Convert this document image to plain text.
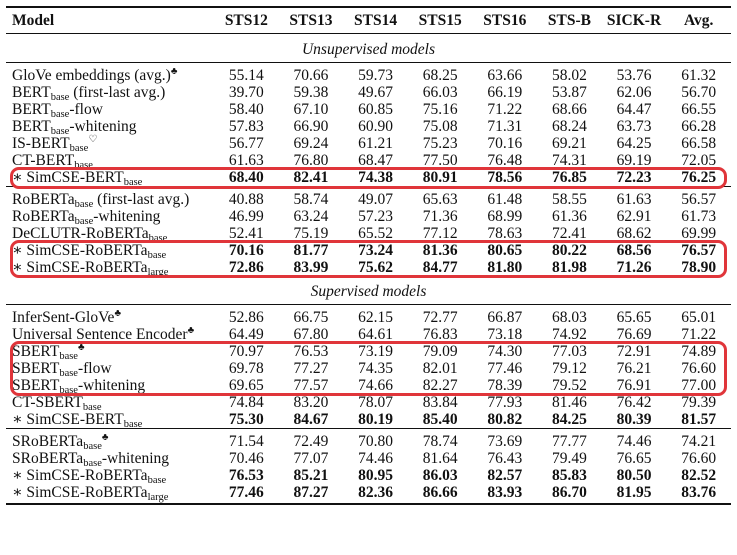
Model	STS12	STS13	STS14	STS15	STS16	STS-B	SICK-R	Avg.
Unsupervised models								
GloVe embeddings (avg.)♣	55.14	70.66	59.73	68.25	63.66	58.02	53.76	61.32
$BERT_{base}$ (first-last avg.)	39.70	59.38	49.67	66.03	66.19	53.87	62.06	56.70
$BERT_{base}$-flow	58.40	67.10	60.85	75.16	71.22	68.66	64.47	66.55
$BERT_{base}$-whitening	57.83	66.90	60.90	75.08	71.31	68.24	63.73	66.28
$IS-BERT_{base}^♡$	56.77	69.24	61.21	75.23	70.16	69.21	64.25	66.58
$CT-BERT_{base}$	61.63	76.80	68.47	77.50	76.48	74.31	69.19	72.05
∗ SimCSE-$BERT_{base}$	68.40	82.41	74.38	80.91	78.56	76.85	72.23	76.25
RoBERTa$_{base}$ (first-last avg.)	40.88	58.74	49.07	65.63	61.48	58.55	61.63	56.57
RoBERTa$_{base}$-whitening	46.99	63.24	57.23	71.36	68.99	61.36	62.91	61.73
DeCLUTR-RoBERTa$_{base}$	52.41	75.19	65.52	77.12	78.63	72.41	68.62	69.99
∗ SimCSE-RoBERTa$_{base}$	70.16	81.77	73.24	81.36	80.65	80.22	68.56	76.57
∗ SimCSE-RoBERTa$_{large}$	72.86	83.99	75.62	84.77	81.80	81.98	71.26	78.90
Supervised models								
InferSent-GloVe♣	52.86	66.75	62.15	72.77	66.87	68.03	65.65	65.01
Universal Sentence Encoder♣	64.49	67.80	64.61	76.83	73.18	74.92	76.69	71.22
$SBERT_{base}^♣$	70.97	76.53	73.19	79.09	74.30	77.03	72.91	74.89
$SBERT_{base}$-flow	69.78	77.27	74.35	82.01	77.46	79.12	76.21	76.60
$SBERT_{base}$-whitening	69.65	77.57	74.66	82.27	78.39	79.52	76.91	77.00
$CT-SBERT_{base}$	74.84	83.20	78.07	83.84	77.93	81.46	76.42	79.39
∗ SimCSE-$BERT_{base}$	75.30	84.67	80.19	85.40	80.82	84.25	80.39	81.57
SRoBERTa$_{base}$♣	71.54	72.49	70.80	78.74	73.69	77.77	74.46	74.21
SRoBERTa$_{base}$-whitening	70.46	77.07	74.46	81.64	76.43	79.49	76.65	76.60
∗ SimCSE-RoBERTa$_{base}$	76.53	85.21	80.95	86.03	82.57	85.83	80.50	82.52
∗ SimCSE-RoBERTa$_{large}$	77.46	87.27	82.36	86.66	83.93	86.70	81.95	83.76
